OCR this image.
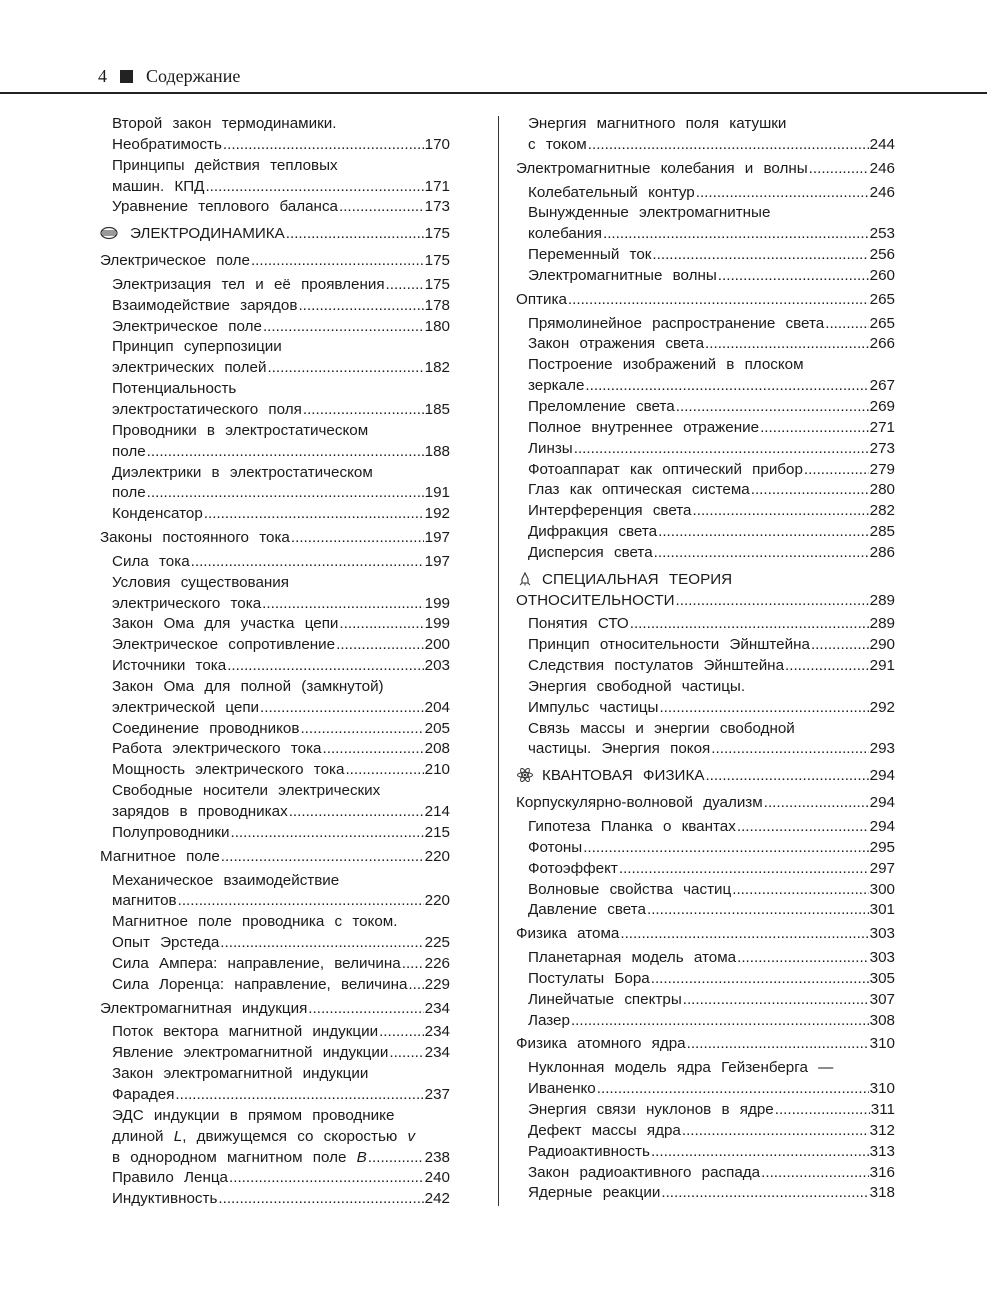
4 Содержание
Второй закон термодинамики.
Необратимость .....	170
Принципы действия тепловых
машин. КПД .....	171
Уравнение теплового баланса .....	173
ЭЛЕКТРОДИНАМИКА .....	175
Электрическое поле .....	175
Электризация тел и её проявления .....	175
Взаимодействие зарядов .....	178
Электрическое поле .....	180
Принцип суперпозиции
электрических полей .....	182
Потенциальность
электростатического поля .....	185
Проводники в электростатическом
поле .....	188
Диэлектрики в электростатическом
поле .....	191
Конденсатор .....	192
Законы постоянного тока .....	197
Сила тока .....	197
Условия существования
электрического тока .....	199
Закон Ома для участка цепи .....	199
Электрическое сопротивление .....	200
Источники тока .....	203
Закон Ома для полной (замкнутой)
электрической цепи .....	204
Соединение проводников .....	205
Работа электрического тока .....	208
Мощность электрического тока .....	210
Свободные носители электрических
зарядов в проводниках .....	214
Полупроводники .....	215
Магнитное поле .....	220
Механическое взаимодействие
магнитов .....	220
Магнитное поле проводника с током.
Опыт Эрстеда .....	225
Сила Ампера: направление, величина ..... 226
Сила Лоренца: направление, величина ..... 229
Электромагнитная индукция .....	234
Поток вектора магнитной индукции .....	234
Явление электромагнитной индукции ..... 234
Закон электромагнитной индукции
Фарадея .....	237
ЭДС индукции в прямом проводнике
длиной L, движущемся со скоростью v
в однородном магнитном поле B .....	238
Правило Ленца .....	240
Индуктивность .....	242
Энергия магнитного поля катушки
с током .....	244
Электромагнитные колебания и волны .....	246
Колебательный контур .....	246
Вынужденные электромагнитные
колебания .....	253
Переменный ток .....	256
Электромагнитные волны .....	260
Оптика .....	265
Прямолинейное распространение света .....	265
Закон отражения света .....	266
Построение изображений в плоском
зеркале .....	267
Преломление света .....	269
Полное внутреннее отражение .....	271
Линзы .....	273
Фотоаппарат как оптический прибор .....	279
Глаз как оптическая система .....	280
Интерференция света .....	282
Дифракция света .....	285
Дисперсия света .....	286
СПЕЦИАЛЬНАЯ ТЕОРИЯ
ОТНОСИТЕЛЬНОСТИ .....	289
Понятия СТО .....	289
Принцип относительности Эйнштейна .....	290
Следствия постулатов Эйнштейна .....	291
Энергия свободной частицы.
Импульс частицы .....	292
Связь массы и энергии свободной
частицы. Энергия покоя .....	293
КВАНТОВАЯ ФИЗИКА .....	294
Корпускулярно-волновой дуализм .....	294
Гипотеза Планка о квантах .....	294
Фотоны .....	295
Фотоэффект .....	297
Волновые свойства частиц .....	300
Давление света .....	301
Физика атома .....	303
Планетарная модель атома .....	303
Постулаты Бора .....	305
Линейчатые спектры .....	307
Лазер .....	308
Физика атомного ядра .....	310
Нуклонная модель ядра Гейзенберга —
Иваненко .....	310
Энергия связи нуклонов в ядре .....	311
Дефект массы ядра .....	312
Радиоактивность .....	313
Закон радиоактивного распада .....	316
Ядерные реакции .....	318
